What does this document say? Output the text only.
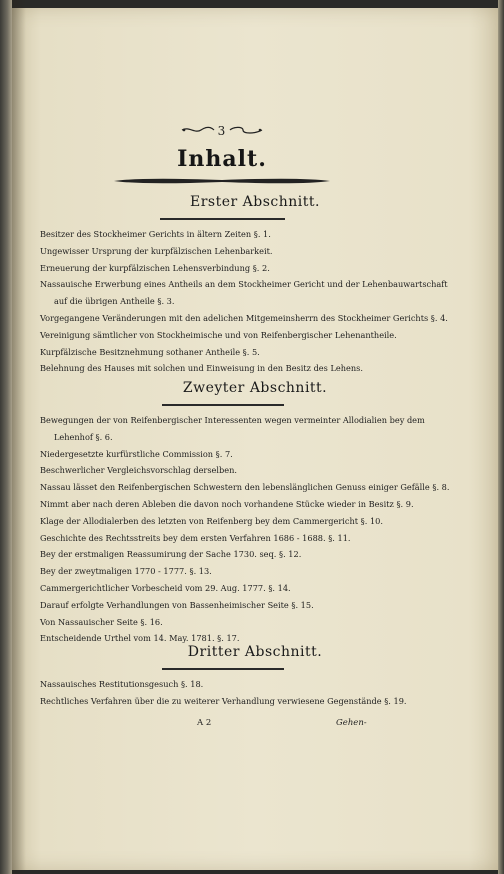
3
Inhalt.
Erster Abschnitt.
Besitzer des Stockheimer Gerichts in ältern Zeiten §. 1.
Ungewisser Ursprung der kurpfälzischen Lehenbarkeit.
Erneuerung der kurpfälzischen Lehensverbindung §. 2.
Nassauische Erwerbung eines Antheils an dem Stockheimer Gericht und der Lehenbauwartschaft
auf die übrigen Antheile §. 3.
Vorgegangene Veränderungen mit den adelichen Mitgemeinsherrn des Stockheimer Gerichts §. 4.
Vereinigung sämtlicher von Stockheimische und von Reifenbergischer Lehenantheile.
Kurpfälzische Besitznehmung sothaner Antheile §. 5.
Belehnung des Hauses mit solchen und Einweisung in den Besitz des Lehens.
Zweyter Abschnitt.
Bewegungen der von Reifenbergischer Interessenten wegen vermeinter Allodialien bey dem
Lehenhof §. 6.
Niedergesetzte kurfürstliche Commission §. 7.
Beschwerlicher Vergleichsvorschlag derselben.
Nassau lässet den Reifenbergischen Schwestern den lebenslänglichen Genuss einiger Gefälle §. 8.
Nimmt aber nach deren Ableben die davon noch vorhandene Stücke wieder in Besitz §. 9.
Klage der Allodialerben des letzten von Reifenberg bey dem Cammergericht §. 10.
Geschichte des Rechtsstreits bey dem ersten Verfahren 1686 - 1688. §. 11.
Bey der erstmaligen Reassumirung der Sache 1730. seq. §. 12.
Bey der zweytmaligen 1770 - 1777. §. 13.
Cammergerichtlicher Vorbescheid vom 29. Aug. 1777. §. 14.
Darauf erfolgte Verhandlungen von Bassenheimischer Seite §. 15.
Von Nassauischer Seite §. 16.
Entscheidende Urthel vom 14. May. 1781. §. 17.
Dritter Abschnitt.
Nassauisches Restitutionsgesuch §. 18.
Rechtliches Verfahren über die zu weiterer Verhandlung verwiesene Gegenstände §. 19.
A 2	Gehen-
